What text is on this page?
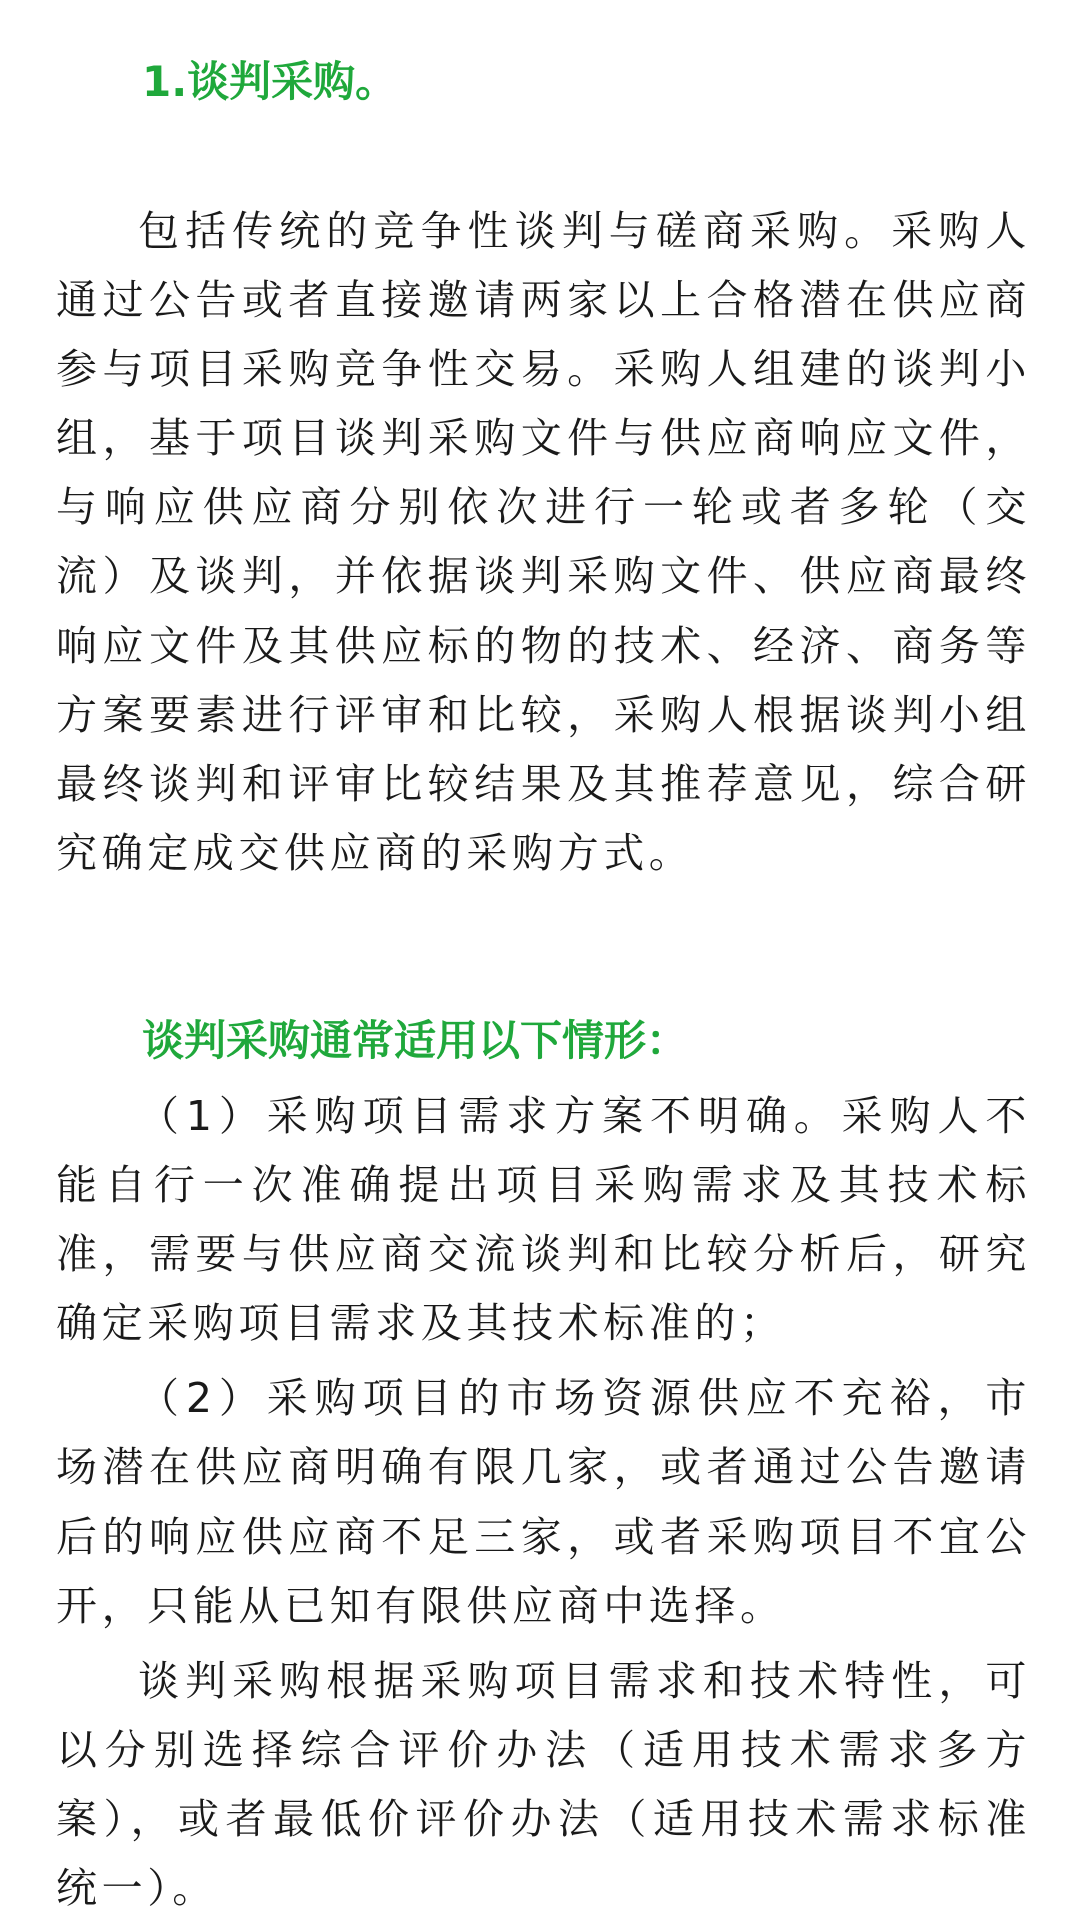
1.谈判采购。

包括传统的竞争性谈判与磋商采购。采购人通过公告或者直接邀请两家以上合格潜在供应商参与项目采购竞争性交易。采购人组建的谈判小组，基于项目谈判采购文件与供应商响应文件，与响应供应商分别依次进行一轮或者多轮（交流）及谈判，并依据谈判采购文件、供应商最终响应文件及其供应标的物的技术、经济、商务等方案要素进行评审和比较，采购人根据谈判小组最终谈判和评审比较结果及其推荐意见，综合研究确定成交供应商的采购方式。

谈判采购通常适用以下情形：

（1）采购项目需求方案不明确。采购人不能自行一次准确提出项目采购需求及其技术标准，需要与供应商交流谈判和比较分析后，研究确定采购项目需求及其技术标准的；

（2）采购项目的市场资源供应不充裕，市场潜在供应商明确有限几家，或者通过公告邀请后的响应供应商不足三家，或者采购项目不宜公开，只能从已知有限供应商中选择。

谈判采购根据采购项目需求和技术特性，可以分别选择综合评价办法（适用技术需求多方案），或者最低价评价办法（适用技术需求标准统一）。
